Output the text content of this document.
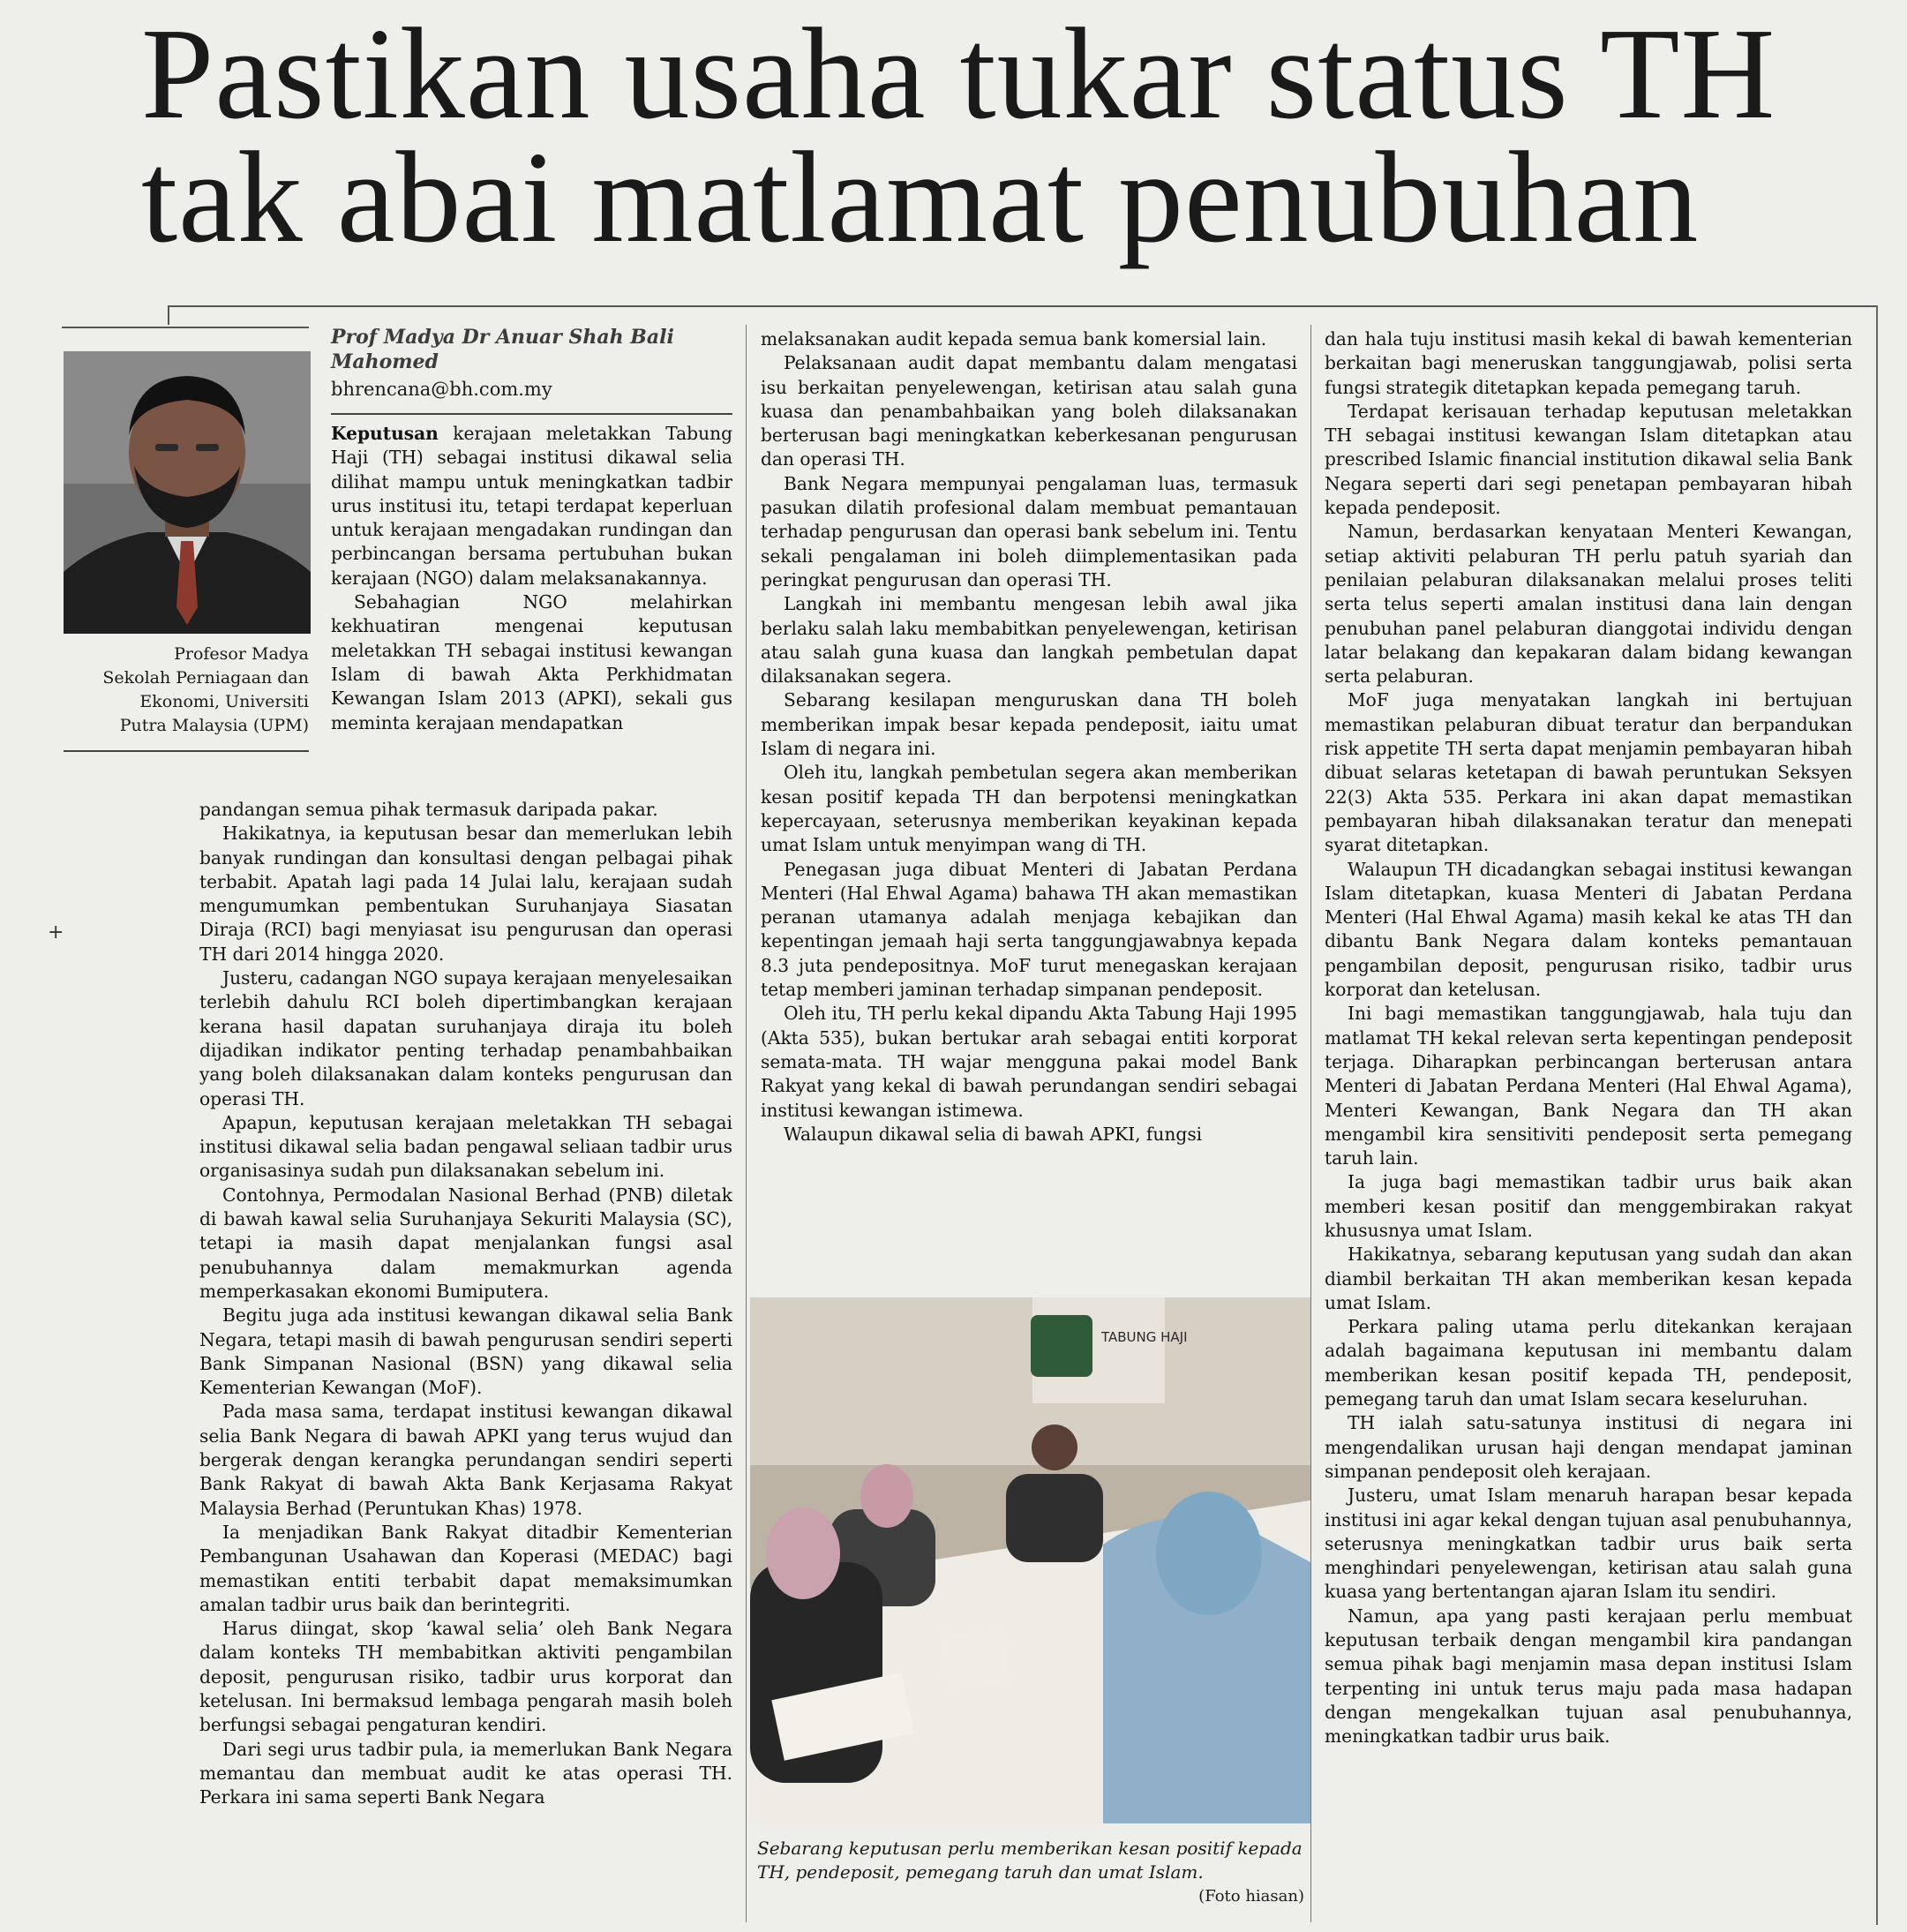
Pastikan usaha tukar status TH
tak abai matlamat penubuhan
Profesor Madya
Sekolah Perniagaan dan
Ekonomi, Universiti
Putra Malaysia (UPM)
Prof Madya Dr Anuar Shah Bali Mahomed
bhrencana@bh.com.my

Keputusan kerajaan meletakkan Tabung Haji (TH) sebagai institusi dikawal selia dilihat mampu untuk meningkatkan tadbir urus institusi itu, tetapi terdapat keperluan untuk kerajaan mengadakan rundingan dan perbincangan bersama pertubuhan bukan kerajaan (NGO) dalam melaksanakannya.

Sebahagian NGO melahirkan kekhuatiran mengenai keputusan meletakkan TH sebagai institusi kewangan Islam di bawah Akta Perkhidmatan Kewangan Islam 2013 (APKI), sekali gus meminta kerajaan mendapatkan

pandangan semua pihak termasuk daripada pakar.

Hakikatnya, ia keputusan besar dan memerlukan lebih banyak rundingan dan konsultasi dengan pelbagai pihak terbabit. Apatah lagi pada 14 Julai lalu, kerajaan sudah mengumumkan pembentukan Suruhanjaya Siasatan Diraja (RCI) bagi menyiasat isu pengurusan dan operasi TH dari 2014 hingga 2020.

Justeru, cadangan NGO supaya kerajaan menyelesaikan terlebih dahulu RCI boleh dipertimbangkan kerajaan kerana hasil dapatan suruhanjaya diraja itu boleh dijadikan indikator penting terhadap penambahbaikan yang boleh dilaksanakan dalam konteks pengurusan dan operasi TH.

Apapun, keputusan kerajaan meletakkan TH sebagai institusi dikawal selia badan pengawal seliaan tadbir urus organisasinya sudah pun dilaksanakan sebelum ini.

Contohnya, Permodalan Nasional Berhad (PNB) diletak di bawah kawal selia Suruhanjaya Sekuriti Malaysia (SC), tetapi ia masih dapat menjalankan fungsi asal penubuhannya dalam memakmurkan agenda memperkasakan ekonomi Bumiputera.

Begitu juga ada institusi kewangan dikawal selia Bank Negara, tetapi masih di bawah pengurusan sendiri seperti Bank Simpanan Nasional (BSN) yang dikawal selia Kementerian Kewangan (MoF).

Pada masa sama, terdapat institusi kewangan dikawal selia Bank Negara di bawah APKI yang terus wujud dan bergerak dengan kerangka perundangan sendiri seperti Bank Rakyat di bawah Akta Bank Kerjasama Rakyat Malaysia Berhad (Peruntukan Khas) 1978.

Ia menjadikan Bank Rakyat ditadbir Kementerian Pembangunan Usahawan dan Koperasi (MEDAC) bagi memastikan entiti terbabit dapat memaksimumkan amalan tadbir urus baik dan berintegriti.

Harus diingat, skop ‘kawal selia’ oleh Bank Negara dalam konteks TH membabitkan aktiviti pengambilan deposit, pengurusan risiko, tadbir urus korporat dan ketelusan. Ini bermaksud lembaga pengarah masih boleh berfungsi sebagai pengaturan kendiri.

Dari segi urus tadbir pula, ia memerlukan Bank Negara memantau dan membuat audit ke atas operasi TH. Perkara ini sama seperti Bank Negara

melaksanakan audit kepada semua bank komersial lain.

Pelaksanaan audit dapat membantu dalam mengatasi isu berkaitan penyelewengan, ketirisan atau salah guna kuasa dan penambahbaikan yang boleh dilaksanakan berterusan bagi meningkatkan keberkesanan pengurusan dan operasi TH.

Bank Negara mempunyai pengalaman luas, termasuk pasukan dilatih profesional dalam membuat pemantauan terhadap pengurusan dan operasi bank sebelum ini. Tentu sekali pengalaman ini boleh diimplementasikan pada peringkat pengurusan dan operasi TH.

Langkah ini membantu mengesan lebih awal jika berlaku salah laku membabitkan penyelewengan, ketirisan atau salah guna kuasa dan langkah pembetulan dapat dilaksanakan segera.

Sebarang kesilapan menguruskan dana TH boleh memberikan impak besar kepada pendeposit, iaitu umat Islam di negara ini.

Oleh itu, langkah pembetulan segera akan memberikan kesan positif kepada TH dan berpotensi meningkatkan kepercayaan, seterusnya memberikan keyakinan kepada umat Islam untuk menyimpan wang di TH.

Penegasan juga dibuat Menteri di Jabatan Perdana Menteri (Hal Ehwal Agama) bahawa TH akan memastikan peranan utamanya adalah menjaga kebajikan dan kepentingan jemaah haji serta tanggungjawabnya kepada 8.3 juta pendepositnya. MoF turut menegaskan kerajaan tetap memberi jaminan terhadap simpanan pendeposit.

Oleh itu, TH perlu kekal dipandu Akta Tabung Haji 1995 (Akta 535), bukan bertukar arah sebagai entiti korporat semata-mata. TH wajar mengguna pakai model Bank Rakyat yang kekal di bawah perundangan sendiri sebagai institusi kewangan istimewa.

Walaupun dikawal selia di bawah APKI, fungsi

TABUNG HAJI
Sebarang keputusan perlu memberikan kesan positif kepada TH, pendeposit, pemegang taruh dan umat Islam.
(Foto hiasan)

dan hala tuju institusi masih kekal di bawah kementerian berkaitan bagi meneruskan tanggungjawab, polisi serta fungsi strategik ditetapkan kepada pemegang taruh.

Terdapat kerisauan terhadap keputusan meletakkan TH sebagai institusi kewangan Islam ditetapkan atau prescribed Islamic financial institution dikawal selia Bank Negara seperti dari segi penetapan pembayaran hibah kepada pendeposit.

Namun, berdasarkan kenyataan Menteri Kewangan, setiap aktiviti pelaburan TH perlu patuh syariah dan penilaian pelaburan dilaksanakan melalui proses teliti serta telus seperti amalan institusi dana lain dengan penubuhan panel pelaburan dianggotai individu dengan latar belakang dan kepakaran dalam bidang kewangan serta pelaburan.

MoF juga menyatakan langkah ini bertujuan memastikan pelaburan dibuat teratur dan berpandukan risk appetite TH serta dapat menjamin pembayaran hibah dibuat selaras ketetapan di bawah peruntukan Seksyen 22(3) Akta 535. Perkara ini akan dapat memastikan pembayaran hibah dilaksanakan teratur dan menepati syarat ditetapkan.

Walaupun TH dicadangkan sebagai institusi kewangan Islam ditetapkan, kuasa Menteri di Jabatan Perdana Menteri (Hal Ehwal Agama) masih kekal ke atas TH dan dibantu Bank Negara dalam konteks pemantauan pengambilan deposit, pengurusan risiko, tadbir urus korporat dan ketelusan.

Ini bagi memastikan tanggungjawab, hala tuju dan matlamat TH kekal relevan serta kepentingan pendeposit terjaga. Diharapkan perbincangan berterusan antara Menteri di Jabatan Perdana Menteri (Hal Ehwal Agama), Menteri Kewangan, Bank Negara dan TH akan mengambil kira sensitiviti pendeposit serta pemegang taruh lain.

Ia juga bagi memastikan tadbir urus baik akan memberi kesan positif dan menggembirakan rakyat khususnya umat Islam.

Hakikatnya, sebarang keputusan yang sudah dan akan diambil berkaitan TH akan memberikan kesan kepada umat Islam.

Perkara paling utama perlu ditekankan kerajaan adalah bagaimana keputusan ini membantu dalam memberikan kesan positif kepada TH, pendeposit, pemegang taruh dan umat Islam secara keseluruhan.

TH ialah satu-satunya institusi di negara ini mengendalikan urusan haji dengan mendapat jaminan simpanan pendeposit oleh kerajaan.

Justeru, umat Islam menaruh harapan besar kepada institusi ini agar kekal dengan tujuan asal penubuhannya, seterusnya meningkatkan tadbir urus baik serta menghindari penyelewengan, ketirisan atau salah guna kuasa yang bertentangan ajaran Islam itu sendiri.

Namun, apa yang pasti kerajaan perlu membuat keputusan terbaik dengan mengambil kira pandangan semua pihak bagi menjamin masa depan institusi Islam terpenting ini untuk terus maju pada masa hadapan dengan mengekalkan tujuan asal penubuhannya, meningkatkan tadbir urus baik.

+
